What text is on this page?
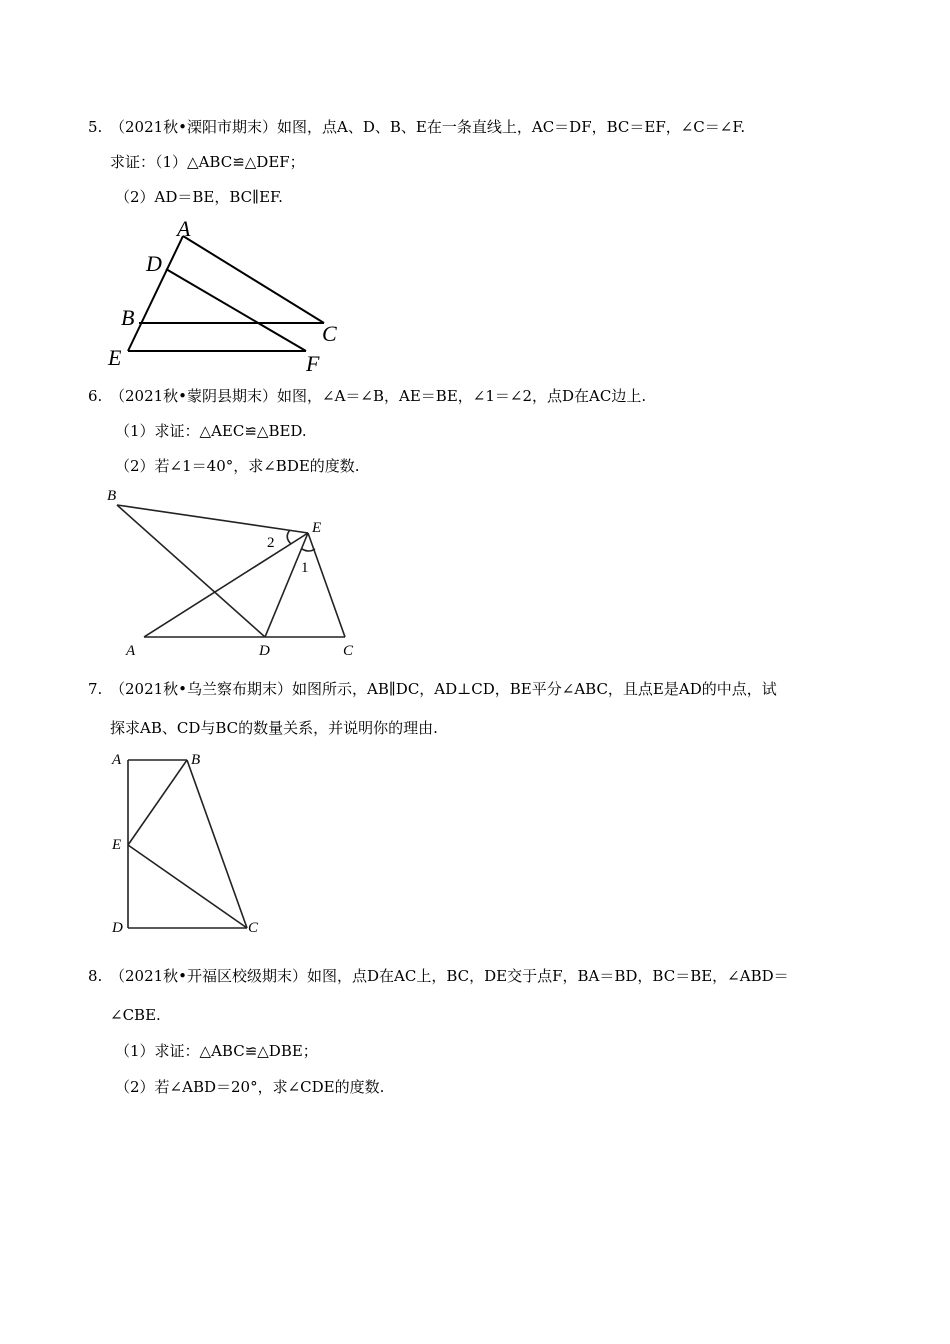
5. （2021秋•溧阳市期末）如图，点A、D、B、E在一条直线上，AC＝DF，BC＝EF，∠C＝∠F.
求证：（1）△ABC≌△DEF；
（2）AD＝BE，BC∥EF.
A
D
B
C
E	F
6. （2021秋•蒙阴县期末）如图，∠A＝∠B，AE＝BE，∠1＝∠2，点D在AC边上.
（1）求证：△AEC≌△BED.
（2）若∠1＝40°，求∠BDE的度数.
B
E
2
1
A	D	C
7. （2021秋•乌兰察布期末）如图所示，AB∥DC，AD⊥CD，BE平分∠ABC，且点E是AD的中点，试
探求AB、CD与BC的数量关系，并说明你的理由.
A	B
E
D	C
8. （2021秋•开福区校级期末）如图，点D在AC上，BC，DE交于点F，BA＝BD，BC＝BE，∠ABD＝
∠CBE.
（1）求证：△ABC≌△DBE；
（2）若∠ABD＝20°，求∠CDE的度数.
